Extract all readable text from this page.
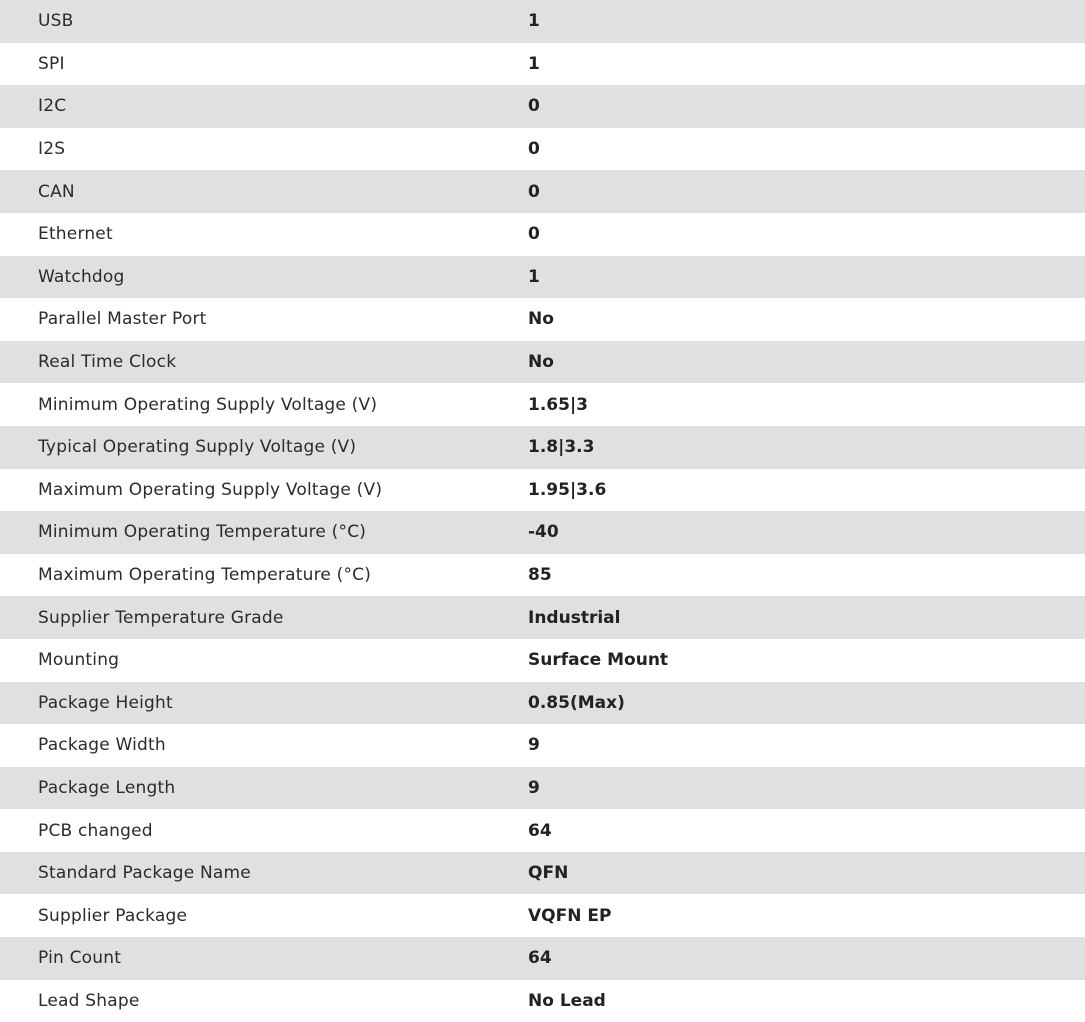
USB	1
SPI	1
I2C	0
I2S	0
CAN	0
Ethernet	0
Watchdog	1
Parallel Master Port	No
Real Time Clock	No
Minimum Operating Supply Voltage (V)	1.65|3
Typical Operating Supply Voltage (V)	1.8|3.3
Maximum Operating Supply Voltage (V)	1.95|3.6
Minimum Operating Temperature (°C)	-40
Maximum Operating Temperature (°C)	85
Supplier Temperature Grade	Industrial
Mounting	Surface Mount
Package Height	0.85(Max)
Package Width	9
Package Length	9
PCB changed	64
Standard Package Name	QFN
Supplier Package	VQFN EP
Pin Count	64
Lead Shape	No Lead
